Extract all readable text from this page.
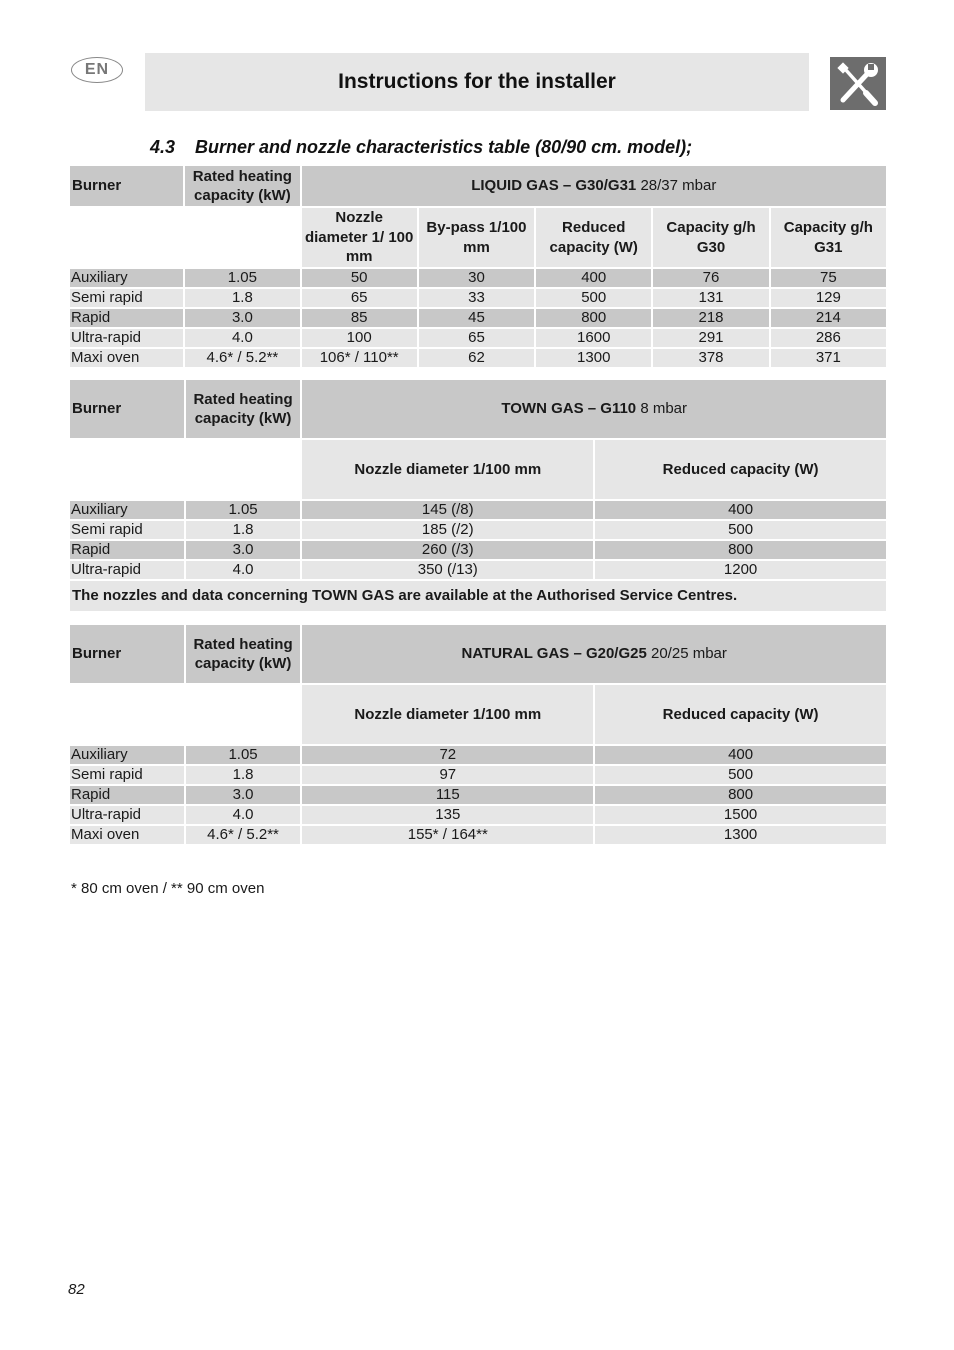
EN
Instructions for the installer
4.3 Burner and nozzle characteristics table (80/90 cm. model);
Burner	Rated heating capacity (kW)	LIQUID GAS – G30/G31 28/37 mbar				
		Nozzle diameter 1/ 100 mm	By-pass 1/100 mm	Reduced capacity (W)	Capacity g/h G30	Capacity g/h G31
Auxiliary	1.05	50	30	400	76	75
Semi rapid	1.8	65	33	500	131	129
Rapid	3.0	85	45	800	218	214
Ultra-rapid	4.0	100	65	1600	291	286
Maxi oven	4.6* / 5.2**	106* / 110**	62	1300	378	371
Burner	Rated heating capacity (kW)	TOWN GAS – G110 8 mbar	
		Nozzle diameter 1/100 mm	Reduced capacity (W)
Auxiliary	1.05	145 (/8)	400
Semi rapid	1.8	185 (/2)	500
Rapid	3.0	260 (/3)	800
Ultra-rapid	4.0	350 (/13)	1200
The nozzles and data concerning TOWN GAS are available at the Authorised Service Centres.			
Burner	Rated heating capacity (kW)	NATURAL GAS – G20/G25 20/25 mbar	
		Nozzle diameter 1/100 mm	Reduced capacity (W)
Auxiliary	1.05	72	400
Semi rapid	1.8	97	500
Rapid	3.0	115	800
Ultra-rapid	4.0	135	1500
Maxi oven	4.6* / 5.2**	155* / 164**	1300
* 80 cm oven / ** 90 cm oven
82
